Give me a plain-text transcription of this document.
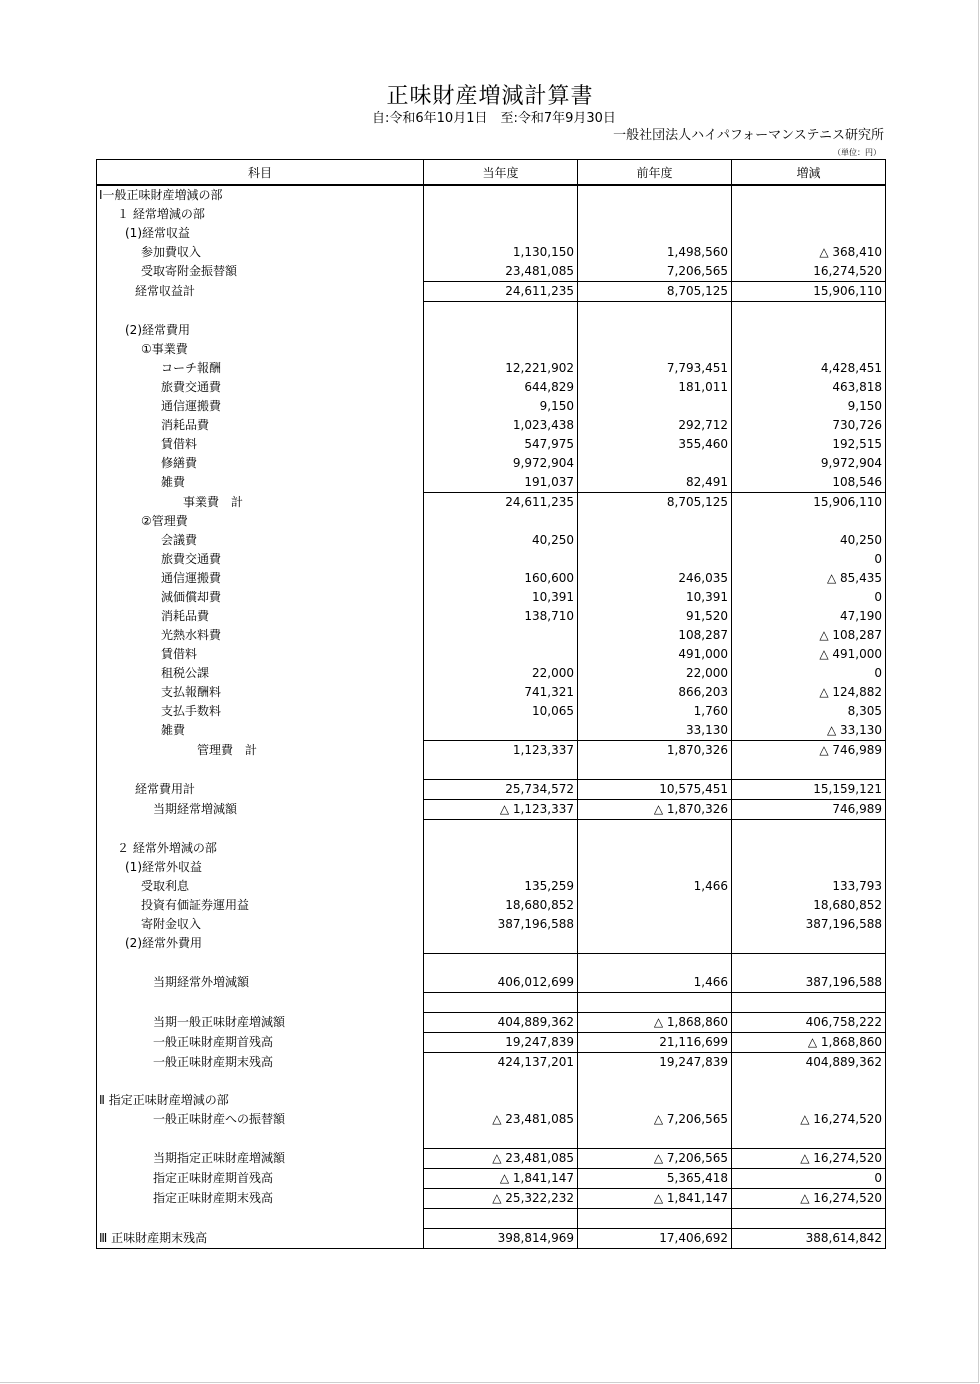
正味財産増減計算書
自:令和6年10月1日　至:令和7年9月30日
一般社団法人ハイパフォーマンステニス研究所
（単位：円）
科目	当年度	前年度	増減
Ⅰ一般正味財産増減の部			
１ 経常増減の部			
(1)経常収益			
参加費収入	1,130,150	1,498,560	△ 368,410
受取寄附金振替額	23,481,085	7,206,565	16,274,520
経常収益計	24,611,235	8,705,125	15,906,110

(2)経常費用			
①事業費			
コーチ報酬	12,221,902	7,793,451	4,428,451
旅費交通費	644,829	181,011	463,818
通信運搬費	9,150		9,150
消耗品費	1,023,438	292,712	730,726
賃借料	547,975	355,460	192,515
修繕費	9,972,904		9,972,904
雑費	191,037	82,491	108,546
事業費　計	24,611,235	8,705,125	15,906,110
②管理費			
会議費	40,250		40,250
旅費交通費			0
通信運搬費	160,600	246,035	△ 85,435
減価償却費	10,391	10,391	0
消耗品費	138,710	91,520	47,190
光熱水料費		108,287	△ 108,287
賃借料		491,000	△ 491,000
租税公課	22,000	22,000	0
支払報酬料	741,321	866,203	△ 124,882
支払手数料	10,065	1,760	8,305
雑費		33,130	△ 33,130
管理費　計	1,123,337	1,870,326	△ 746,989

経常費用計	25,734,572	10,575,451	15,159,121
当期経常増減額	△ 1,123,337	△ 1,870,326	746,989

２ 経常外増減の部			
(1)経常外収益			
受取利息	135,259	1,466	133,793
投資有価証券運用益	18,680,852		18,680,852
寄附金収入	387,196,588		387,196,588
(2)経常外費用			

当期経常外増減額	406,012,699	1,466	387,196,588

当期一般正味財産増減額	404,889,362	△ 1,868,860	406,758,222
一般正味財産期首残高	19,247,839	21,116,699	△ 1,868,860
一般正味財産期末残高	424,137,201	19,247,839	404,889,362

Ⅱ 指定正味財産増減の部			
一般正味財産への振替額	△ 23,481,085	△ 7,206,565	△ 16,274,520

当期指定正味財産増減額	△ 23,481,085	△ 7,206,565	△ 16,274,520
指定正味財産期首残高	△ 1,841,147	5,365,418	0
指定正味財産期末残高	△ 25,322,232	△ 1,841,147	△ 16,274,520

Ⅲ 正味財産期末残高	398,814,969	17,406,692	388,614,842
